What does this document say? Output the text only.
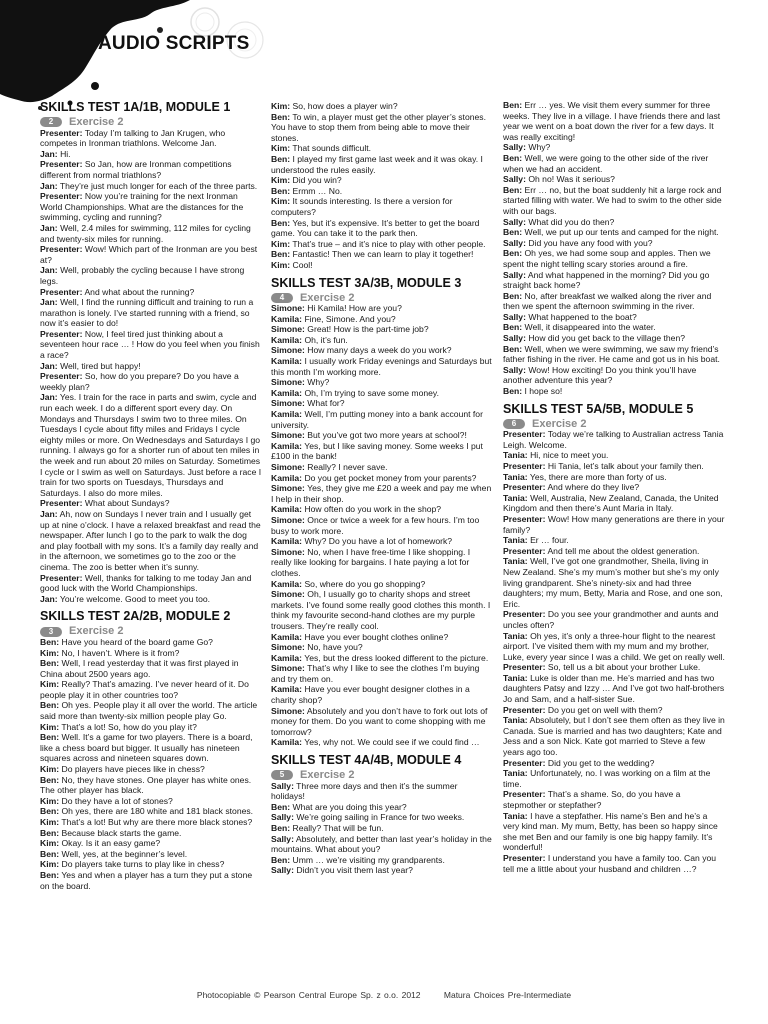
AUDIO SCRIPTS
SKILLS TEST 1A/1B, MODULE 1
2	Exercise 2

Presenter: Today I’m talking to Jan Krugen, who competes in Ironman triathlons. Welcome Jan.

Jan: Hi.

Presenter: So Jan, how are Ironman competitions different from normal triathlons?

Jan: They’re just much longer for each of the three parts.

Presenter: Now you’re training for the next Ironman World Championships. What are the distances for the swimming, cycling and running?

Jan: Well, 2.4 miles for swimming, 112 miles for cycling and twenty-six miles for running.

Presenter: Wow! Which part of the Ironman are you best at?

Jan: Well, probably the cycling because I have strong legs.

Presenter: And what about the running?

Jan: Well, I find the running difficult and training to run a marathon is lonely. I’ve started running with a friend, so now it’s easier to do!

Presenter: Now, I feel tired just thinking about a seventeen hour race … ! How do you feel when you finish a race?

Jan: Well, tired but happy!

Presenter: So, how do you prepare? Do you have a weekly plan?

Jan: Yes. I train for the race in parts and swim, cycle and run each week. I do a different sport every day. On Mondays and Thursdays I swim two to three miles. On Tuesdays I cycle about fifty miles and Fridays I cycle eighty miles or more. On Wednesdays and Saturdays I go running. I always go for a shorter run of about ten miles in the week and run about 20 miles on Saturday. Sometimes I cycle or I swim as well on Saturdays. Just before a race I train for two sports on Tuesdays, Thursdays and Saturdays. I also do more miles.

Presenter: What about Sundays?

Jan: Ah, now on Sundays I never train and I usually get up at nine o’clock. I have a relaxed breakfast and read the newspaper. After lunch I go to the park to walk the dog and play football with my sons. It’s a family day really and in the afternoon, we sometimes go to the zoo or the cinema. The zoo is better when it’s sunny.

Presenter: Well, thanks for talking to me today Jan and good luck with the World Championships.

Jan: You’re welcome. Good to meet you too.

SKILLS TEST 2A/2B, MODULE 2
3	Exercise 2

Ben: Have you heard of the board game Go?

Kim: No, I haven’t. Where is it from?

Ben: Well, I read yesterday that it was first played in China about 2500 years ago.

Kim: Really? That’s amazing. I’ve never heard of it. Do people play it in other countries too?

Ben: Oh yes. People play it all over the world. The article said more than twenty-six million people play Go.

Kim: That’s a lot! So, how do you play it?

Ben: Well. It’s a game for two players. There is a board, like a chess board but bigger. It usually has nineteen squares across and nineteen squares down.

Kim: Do players have pieces like in chess?

Ben: No, they have stones. One player has white ones. The other player has black.

Kim: Do they have a lot of stones?

Ben: Oh yes, there are 180 white and 181 black stones.

Kim: That’s a lot! But why are there more black stones?

Ben: Because black starts the game.

Kim: Okay. Is it an easy game?

Ben: Well, yes, at the beginner’s level.

Kim: Do players take turns to play like in chess?

Ben: Yes and when a player has a turn they put a stone on the board.

Kim: So, how does a player win?

Ben: To win, a player must get the other player’s stones. You have to stop them from being able to move their stones.

Kim: That sounds difficult.

Ben: I played my first game last week and it was okay. I understood the rules easily.

Kim: Did you win?

Ben: Ermm … No.

Kim: It sounds interesting. Is there a version for computers?

Ben: Yes, but it’s expensive. It’s better to get the board game. You can take it to the park then.

Kim: That’s true – and it’s nice to play with other people.

Ben: Fantastic! Then we can learn to play it together!

Kim: Cool!

SKILLS TEST 3A/3B, MODULE 3
4	Exercise 2

Simone: Hi Kamila! How are you?

Kamila: Fine, Simone. And you?

Simone: Great! How is the part-time job?

Kamila: Oh, it’s fun.

Simone: How many days a week do you work?

Kamila: I usually work Friday evenings and Saturdays but this month I’m working more.

Simone: Why?

Kamila: Oh, I’m trying to save some money.

Simone: What for?

Kamila: Well, I’m putting money into a bank account for university.

Simone: But you’ve got two more years at school?!

Kamila: Yes, but I like saving money. Some weeks I put £100 in the bank!

Simone: Really? I never save.

Kamila: Do you get pocket money from your parents?

Simone: Yes, they give me £20 a week and pay me when I help in their shop.

Kamila: How often do you work in the shop?

Simone: Once or twice a week for a few hours. I’m too busy to work more.

Kamila: Why? Do you have a lot of homework?

Simone: No, when I have free-time I like shopping. I really like looking for bargains. I hate paying a lot for clothes.

Kamila: So, where do you go shopping?

Simone: Oh, I usually go to charity shops and street markets. I’ve found some really good clothes this month. I think my favourite second-hand clothes are my purple trousers. They’re really cool.

Kamila: Have you ever bought clothes online?

Simone: No, have you?

Kamila: Yes, but the dress looked different to the picture.

Simone: That’s why I like to see the clothes I’m buying and try them on.

Kamila: Have you ever bought designer clothes in a charity shop?

Simone: Absolutely and you don’t have to fork out lots of money for them. Do you want to come shopping with me tomorrow?

Kamila: Yes, why not. We could see if we could find …

SKILLS TEST 4A/4B, MODULE 4
5	Exercise 2

Sally: Three more days and then it’s the summer holidays!

Ben: What are you doing this year?

Sally: We’re going sailing in France for two weeks.

Ben: Really? That will be fun.

Sally: Absolutely, and better than last year’s holiday in the mountains. What about you?

Ben: Umm … we’re visiting my grandparents.

Sally: Didn’t you visit them last year?

Ben: Err … yes. We visit them every summer for three weeks. They live in a village. I have friends there and last year we went on a boat down the river for a few days. It was really exciting!

Sally: Why?

Ben: Well, we were going to the other side of the river when we had an accident.

Sally: Oh no! Was it serious?

Ben: Err … no, but the boat suddenly hit a large rock and started filling with water. We had to swim to the other side with our bags.

Sally: What did you do then?

Ben: Well, we put up our tents and camped for the night.

Sally: Did you have any food with you?

Ben: Oh yes, we had some soup and apples. Then we spent the night telling scary stories around a fire.

Sally: And what happened in the morning? Did you go straight back home?

Ben: No, after breakfast we walked along the river and then we spent the afternoon swimming in the river.

Sally: What happened to the boat?

Ben: Well, it disappeared into the water.

Sally: How did you get back to the village then?

Ben: Well, when we were swimming, we saw my friend’s father fishing in the river. He came and got us in his boat.

Sally: Wow! How exciting! Do you think you’ll have another adventure this year?

Ben: I hope so!

SKILLS TEST 5A/5B, MODULE 5
6	Exercise 2

Presenter: Today we’re talking to Australian actress Tania Leigh. Welcome.

Tania: Hi, nice to meet you.

Presenter: Hi Tania, let’s talk about your family then.

Tania: Yes, there are more than forty of us.

Presenter: And where do they live?

Tania: Well, Australia, New Zealand, Canada, the United Kingdom and then there’s Aunt Maria in Italy.

Presenter: Wow! How many generations are there in your family?

Tania: Er … four.

Presenter: And tell me about the oldest generation.

Tania: Well, I’ve got one grandmother, Sheila, living in New Zealand. She’s my mum’s mother but she’s my only living grandparent. She’s ninety-six and had three daughters; my mum, Betty, Maria and Rose, and one son, Eric.

Presenter: Do you see your grandmother and aunts and uncles often?

Tania: Oh yes, it’s only a three-hour flight to the nearest airport. I’ve visited them with my mum and my brother, Luke, every year since I was a child. We get on really well.

Presenter: So, tell us a bit about your brother Luke.

Tania: Luke is older than me. He’s married and has two daughters Patsy and Izzy … And I’ve got two half-brothers Jo and Sam, and a half-sister Sue.

Presenter: Do you get on well with them?

Tania: Absolutely, but I don’t see them often as they live in Canada. Sue is married and has two daughters; Kate and Jess and a son Nick. Kate got married to Steve a few years ago too.

Presenter: Did you get to the wedding?

Tania: Unfortunately, no. I was working on a film at the time.

Presenter: That’s a shame. So, do you have a stepmother or stepfather?

Tania: I have a stepfather. His name’s Ben and he’s a very kind man. My mum, Betty, has been so happy since she met Ben and our family is one big happy family. It’s wonderful!

Presenter: I understand you have a family too. Can you tell me a little about your husband and children …?

Photocopiable © Pearson Central Europe Sp. z o.o. 2012	Matura Choices Pre-Intermediate
